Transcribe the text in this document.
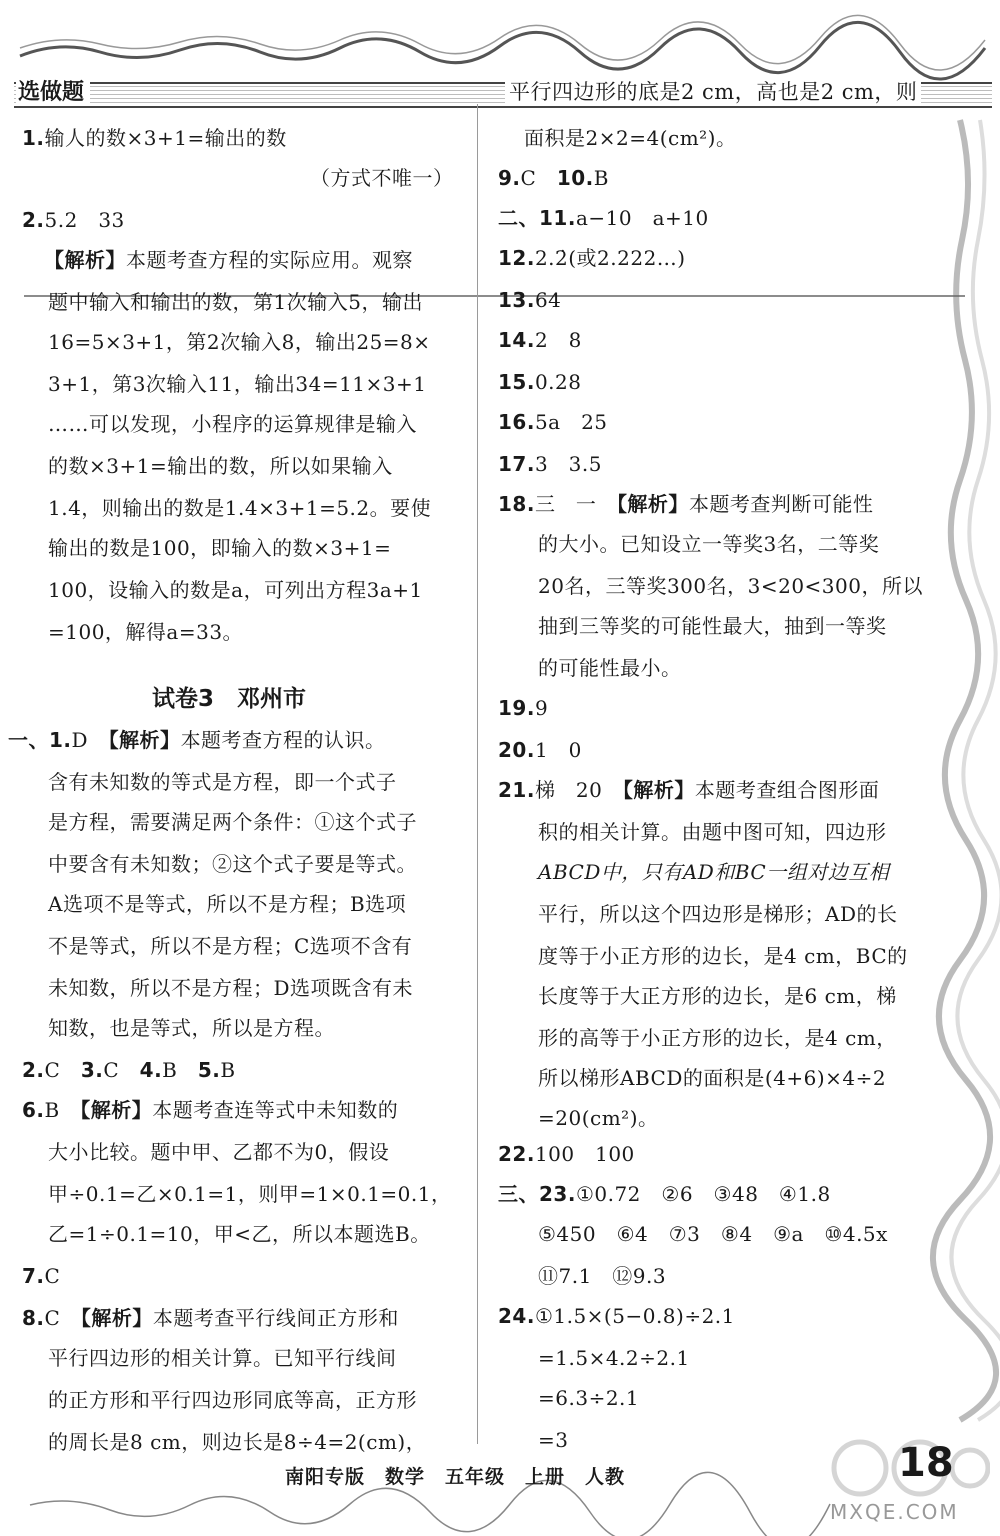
选做题	平行四边形的底是2 cm，高也是2 cm，则
1.输人的数×3+1=输出的数
（方式不唯一）
2.5.2　33
【解析】本题考查方程的实际应用。观察
题中输入和输出的数，第1次输入5，输出
16=5×3+1，第2次输入8，输出25=8×
3+1，第3次输入11，输出34=11×3+1
……可以发现，小程序的运算规律是输入
的数×3+1=输出的数，所以如果输入
1.4，则输出的数是1.4×3+1=5.2。要使
输出的数是100，即输入的数×3+1=
100，设输入的数是a，可列出方程3a+1
=100，解得a=33。
试卷3　邓州市
一、1.D　【解析】本题考查方程的认识。
含有未知数的等式是方程，即一个式子
是方程，需要满足两个条件：①这个式子
中要含有未知数；②这个式子要是等式。
A选项不是等式，所以不是方程；B选项
不是等式，所以不是方程；C选项不含有
未知数，所以不是方程；D选项既含有未
知数，也是等式，所以是方程。
2.C　3.C　4.B　5.B
6.B　【解析】本题考查连等式中未知数的
大小比较。题中甲、乙都不为0，假设
甲÷0.1=乙×0.1=1，则甲=1×0.1=0.1，
乙=1÷0.1=10，甲<乙，所以本题选B。
7.C
8.C　【解析】本题考查平行线间正方形和
平行四边形的相关计算。已知平行线间
的正方形和平行四边形同底等高，正方形
的周长是8 cm，则边长是8÷4=2(cm)，
面积是2×2=4(cm²)。
9.C　10.B
二、11.a−10　a+10
12.2.2̇(或2.222…)
13.64
14.2　8
15.0.28
16.5a　25
17.3　3.5
18.三　一　【解析】本题考查判断可能性
的大小。已知设立一等奖3名，二等奖
20名，三等奖300名，3<20<300，所以
抽到三等奖的可能性最大，抽到一等奖
的可能性最小。
19.9
20.1　0
21.梯　20　【解析】本题考查组合图形面
积的相关计算。由题中图可知，四边形
ABCD中，只有AD和BC一组对边互相
平行，所以这个四边形是梯形；AD的长
度等于小正方形的边长，是4 cm，BC的
长度等于大正方形的边长，是6 cm，梯
形的高等于小正方形的边长，是4 cm，
所以梯形ABCD的面积是(4+6)×4÷2
=20(cm²)。
22.100　100
三、23.①0.72　②6　③48　④1.8
⑤450　⑥4　⑦3　⑧4　⑨a　⑩4.5x
⑪7.1　⑫9.3
24.①1.5×(5−0.8)÷2.1
=1.5×4.2÷2.1
=6.3÷2.1
=3
南阳专版　数学　五年级　上册　人教	18
MXQE.COM
